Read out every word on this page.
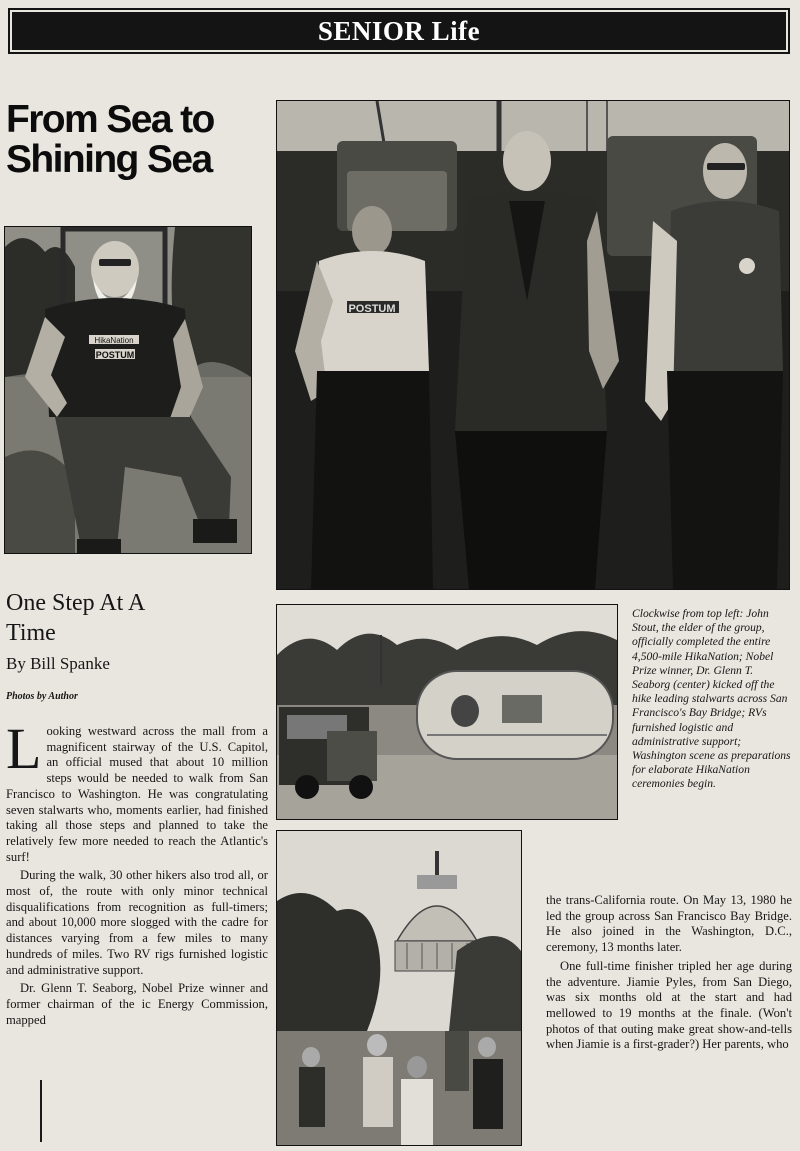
SENIOR Life
From Sea to
Shining Sea
HikaNation
POSTUM
POSTUM
One Step At A
Time
By Bill Spanke
Photos by Author

Looking westward across the mall from a magnificent stairway of the U.S. Capitol, an official mused that about 10 million steps would be needed to walk from San Francisco to Washington. He was congratulating seven stalwarts who, moments earlier, had finished taking all those steps and planned to take the relatively few more needed to reach the Atlantic's surf!

During the walk, 30 other hikers also trod all, or most of, the route with only minor technical disqualifications from recognition as full-timers; and about 10,000 more slogged with the cadre for distances varying from a few miles to many hundreds of miles. Two RV rigs furnished logistic and administrative support.

Dr. Glenn T. Seaborg, Nobel Prize winner and former chairman of the ic Energy Commission, mapped

Clockwise from top left: John Stout, the elder of the group, officially completed the entire 4,500-mile HikaNation; Nobel Prize winner, Dr. Glenn T. Seaborg (center) kicked off the hike leading stalwarts across San Francisco's Bay Bridge; RVs furnished logistic and administrative support; Washington scene as preparations for elaborate HikaNation ceremonies begin.

the trans-California route. On May 13, 1980 he led the group across San Francisco Bay Bridge. He also joined in the Washington, D.C., ceremony, 13 months later.

One full-time finisher tripled her age during the adventure. Jiamie Pyles, from San Diego, was six months old at the start and had mellowed to 19 months at the finale. (Won't photos of that outing make great show-and-tells when Jiamie is a first-grader?) Her parents, who
